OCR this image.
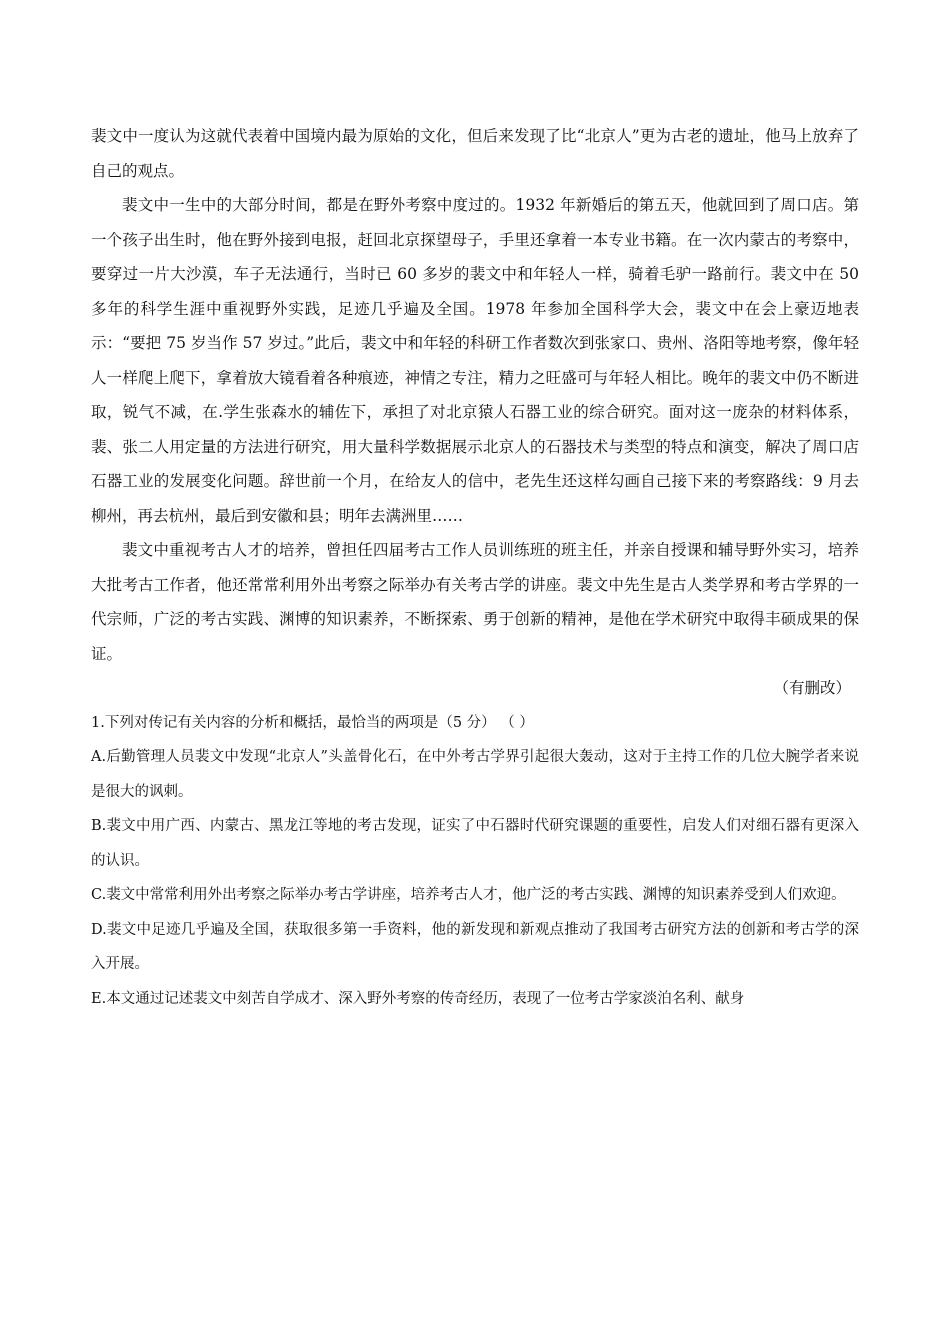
裴文中一度认为这就代表着中国境内最为原始的文化，但后来发现了比“北京人”更为古老的遗址，他马上放弃了自己的观点。

裴文中一生中的大部分时间，都是在野外考察中度过的。1932 年新婚后的第五天，他就回到了周口店。第一个孩子出生时，他在野外接到电报，赶回北京探望母子，手里还拿着一本专业书籍。在一次内蒙古的考察中，要穿过一片大沙漠，车子无法通行，当时已 60 多岁的裴文中和年轻人一样，骑着毛驴一路前行。裴文中在 50 多年的科学生涯中重视野外实践，足迹几乎遍及全国。1978 年参加全国科学大会，裴文中在会上豪迈地表示：“要把 75 岁当作 57 岁过。”此后，裴文中和年轻的科研工作者数次到张家口、贵州、洛阳等地考察，像年轻人一样爬上爬下，拿着放大镜看着各种痕迹，神情之专注，精力之旺盛可与年轻人相比。晚年的裴文中仍不断进取，锐气不减，在.学生张森水的辅佐下，承担了对北京猿人石器工业的综合研究。面对这一庞杂的材料体系，裴、张二人用定量的方法进行研究，用大量科学数据展示北京人的石器技术与类型的特点和演变，解决了周口店石器工业的发展变化问题。辞世前一个月，在给友人的信中，老先生还这样勾画自己接下来的考察路线：9 月去柳州，再去杭州，最后到安徽和县；明年去满洲里……

裴文中重视考古人才的培养，曾担任四届考古工作人员训练班的班主任，并亲自授课和辅导野外实习，培养大批考古工作者，他还常常利用外出考察之际举办有关考古学的讲座。裴文中先生是古人类学界和考古学界的一代宗师，广泛的考古实践、渊博的知识素养，不断探索、勇于创新的精神，是他在学术研究中取得丰硕成果的保证。

（有删改）

1.下列对传记有关内容的分析和概括，最恰当的两项是（5 分） （ ）

A.后勤管理人员裴文中发现“北京人”头盖骨化石，在中外考古学界引起很大轰动，这对于主持工作的几位大腕学者来说是很大的讽刺。

B.裴文中用广西、内蒙古、黑龙江等地的考古发现，证实了中石器时代研究课题的重要性，启发人们对细石器有更深入的认识。

C.裴文中常常利用外出考察之际举办考古学讲座，培养考古人才，他广泛的考古实践、渊博的知识素养受到人们欢迎。

D.裴文中足迹几乎遍及全国，获取很多第一手资料，他的新发现和新观点推动了我国考古研究方法的创新和考古学的深入开展。

E.本文通过记述裴文中刻苦自学成才、深入野外考察的传奇经历，表现了一位考古学家淡泊名利、献身
